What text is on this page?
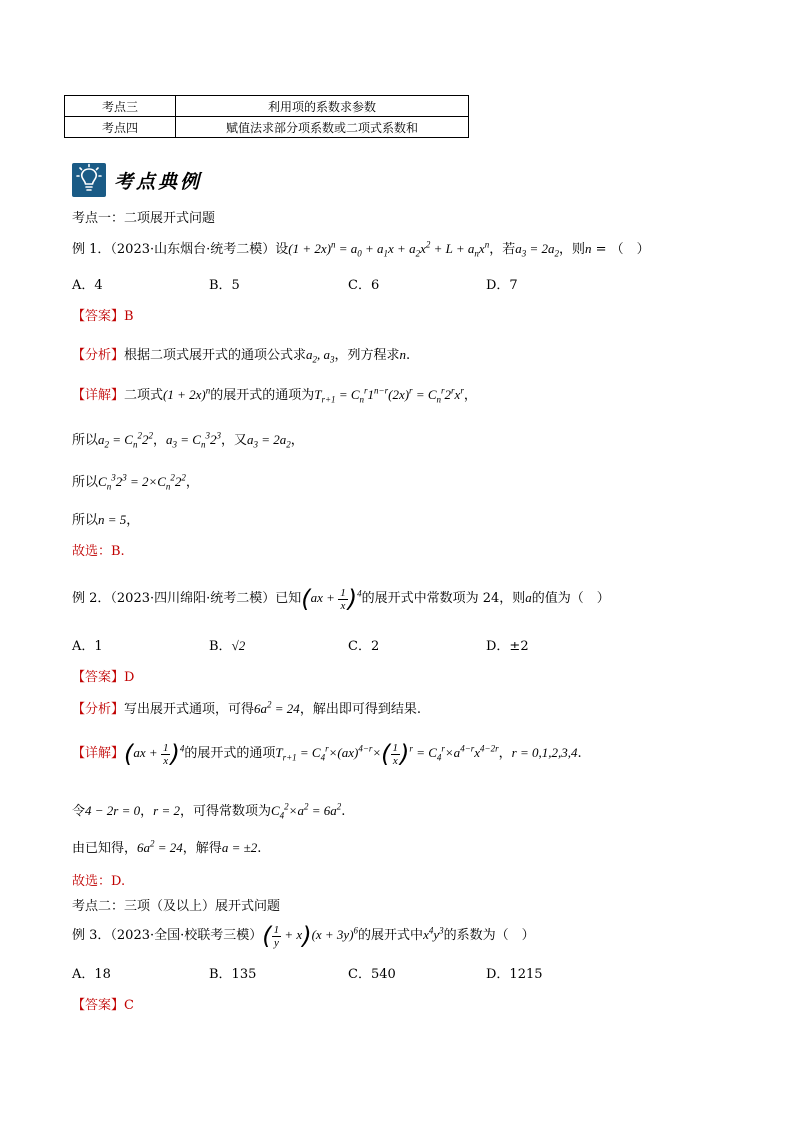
考点三	利用项的系数求参数
考点四	赋值法求部分项系数或二项式系数和
考点典例
考点一：二项展开式问题
例 1．（2023·山东烟台·统考二模）设$(1 + 2x)^n = a_0 + a_1x + a_2x^2 + L + a_nx^n$，若$a_3 = 2a_2$，则n = （　）
A．4	B．5	C．6	D．7
【答案】B
【分析】根据二项式展开式的通项公式求$a_2$, $a_3$，列方程求n.
【详解】二项式$(1 + 2x)^n$的展开式的通项为$T_{r+1} = C_n^r1^{n-r}(2x)^r = C_n^r2^rx^r$，
所以$a_2 = C_n^22^2$，$a_3 = C_n^32^3$，又$a_3 = 2a_2$，
所以$C_n^32^3 = 2\times C_n^22^2$，
所以n = 5，
故选：B.
例 2．（2023·四川绵阳·统考二模）已知$(ax + \frac{1}{x} )^4$的展开式中常数项为 24，则a的值为（　）
A．1	B．√2	C．2	D．±2
【答案】D
【分析】写出展开式通项，可得$6a^2 = 24$，解出即可得到结果.
【详解】$(ax + \frac{1}{x} )^4$的展开式的通项$T_{r+1} = C_4^r\times(ax)^{4-r}\times( \frac{1}{x} )^r = C_4^r\times a^{4-r}x^{4-2r}$，r = 0,1,2,3,4.
令4 − 2r = 0，r = 2，可得常数项为$C_4^2\times a^2 = 6a^2$.
由已知得，$6a^2 = 24$，解得a = ±2.
故选：D.
考点二：三项（及以上）展开式问题
例 3．（2023·全国·校联考三模）( $\frac{1}{y} + x)(x + 3y)^6$的展开式中$x^4y^3$的系数为（　）
A．18	B．135	C．540	D．1215
【答案】C
